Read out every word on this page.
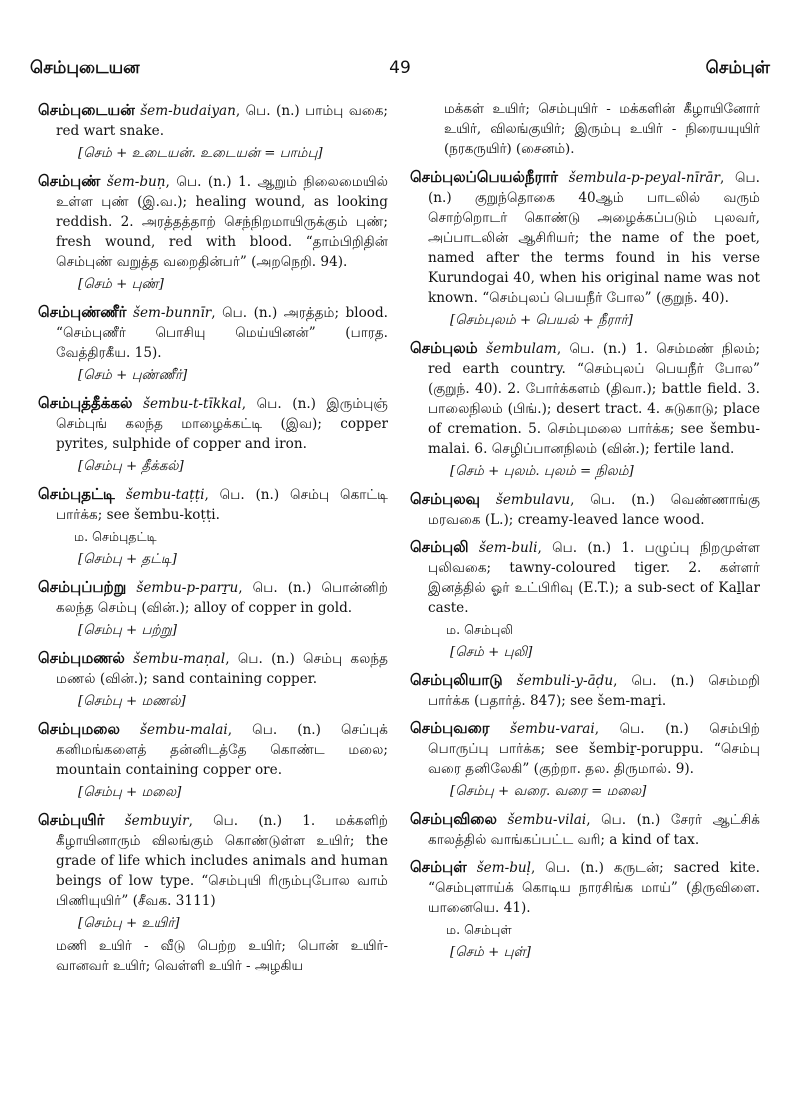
செம்புடையன	49	செம்புள்
செம்புடையன் šem-budaiyan, பெ. (n.) பாம்பு வகை; red wart snake.
[செம் + உடையன். உடையன் = பாம்பு]
செம்புண் šem-buṇ, பெ. (n.) 1. ஆறும் நிலைமையில் உள்ள புண் (இ.வ.); healing wound, as looking reddish. 2. அரத்தத்தாற் செந்நிறமாயிருக்கும் புண்; fresh wound, red with blood. “தாம்பிறிதின் செம்புண் வறுத்த வறைதின்பர்” (அறநெறி. 94).
[செம் + புண்]
செம்புண்ணீர் šem-bunnīr, பெ. (n.) அரத்தம்; blood. “செம்புணீர் பொசியு மெய்யினன்” (பாரத. வேத்திரகீய. 15).
[செம் + புண்ணீர்]
செம்புத்தீக்கல் šembu-t-tīkkal, பெ. (n.) இரும்புஞ் செம்புங் கலந்த மாழைக்கட்டி (இவ); copper pyrites, sulphide of copper and iron.
[செம்பு + தீக்கல்]
செம்புதட்டி šembu-taṭṭi, பெ. (n.) செம்பு கொட்டி பார்க்க; see šembu-koṭṭi.
ம. செம்புதட்டி
[செம்பு + தட்டி]
செம்புப்பற்று šembu-p-parṟu, பெ. (n.) பொன்னிற் கலந்த செம்பு (வின்.); alloy of copper in gold.
[செம்பு + பற்று]
செம்புமணல் šembu-maṇal, பெ. (n.) செம்பு கலந்த மணல் (வின்.); sand containing copper.
[செம்பு + மணல்]
செம்புமலை šembu-malai, பெ. (n.) செப்புக் கனிமங்களைத் தன்னிடத்தே கொண்ட மலை; mountain containing copper ore.
[செம்பு + மலை]
செம்புயிர் šembuyir, பெ. (n.) 1. மக்களிற் கீழாயினாரும் விலங்கும் கொண்டுள்ள உயிர்; the grade of life which includes animals and human beings of low type. “செம்புயி ரிரும்புபோல வாம் பிணியுயிர்” (சீவக. 3111)
[செம்பு + உயிர்]
மணி உயிர் - வீடு பெற்ற உயிர்; பொன் உயிர்- வானவர் உயிர்; வெள்ளி உயிர் - அழகிய
மக்கள் உயிர்; செம்புயிர் - மக்களின் கீழாயினோர் உயிர், விலங்குயிர்; இரும்பு உயிர் - நிரையயுயிர் (நரகருயிர்) (சைனம்).
செம்புலப்பெயல்நீரார் šembula-p-peyal-nīrār, பெ. (n.) குறுந்தொகை 40ஆம் பாடலில் வரும் சொற்றொடர் கொண்டு அழைக்கப்படும் புலவர், அப்பாடலின் ஆசிரியர்; the name of the poet, named after the terms found in his verse Kurundogai 40, when his original name was not known. “செம்புலப் பெயநீர் போல” (குறுந். 40).
[செம்புலம் + பெயல் + நீரார்]
செம்புலம் šembulam, பெ. (n.) 1. செம்மண் நிலம்; red earth country. “செம்புலப் பெயநீர் போல” (குறுந். 40). 2. போர்க்களம் (திவா.); battle field. 3. பாலைநிலம் (பிங்.); desert tract. 4. சுடுகாடு; place of cremation. 5. செம்புமலை பார்க்க; see šembu-malai. 6. செழிப்பானநிலம் (வின்.); fertile land.
[செம் + புலம். புலம் = நிலம்]
செம்புலவு šembulavu, பெ. (n.) வெண்ணாங்கு மரவகை (L.); creamy-leaved lance wood.
செம்புலி šem-buli, பெ. (n.) 1. பழுப்பு நிறமுள்ள புலிவகை; tawny-coloured tiger. 2. கள்ளர் இனத்தில் ஓர் உட்பிரிவு (E.T.); a sub-sect of Kaḻlar caste.
ம. செம்புலி
[செம் + புலி]
செம்புலியாடு šembuli-y-āḍu, பெ. (n.) செம்மறி பார்க்க (பதார்த். 847); see šem-maṟi.
செம்புவரை šembu-varai, பெ. (n.) செம்பிற் பொருப்பு பார்க்க; see šembiṟ-poruppu. “செம்பு வரை தனிலேகி” (குற்றா. தல. திருமால். 9).
[செம்பு + வரை. வரை = மலை]
செம்புவிலை šembu-vilai, பெ. (n.) சேரர் ஆட்சிக் காலத்தில் வாங்கப்பட்ட வரி; a kind of tax.
செம்புள் šem-buḷ, பெ. (n.) கருடன்; sacred kite. “செம்புளாய்க் கொடிய நாரசிங்க மாய்” (திருவிளை. யானையெ. 41).
ம. செம்புள்
[செம் + புள்]
